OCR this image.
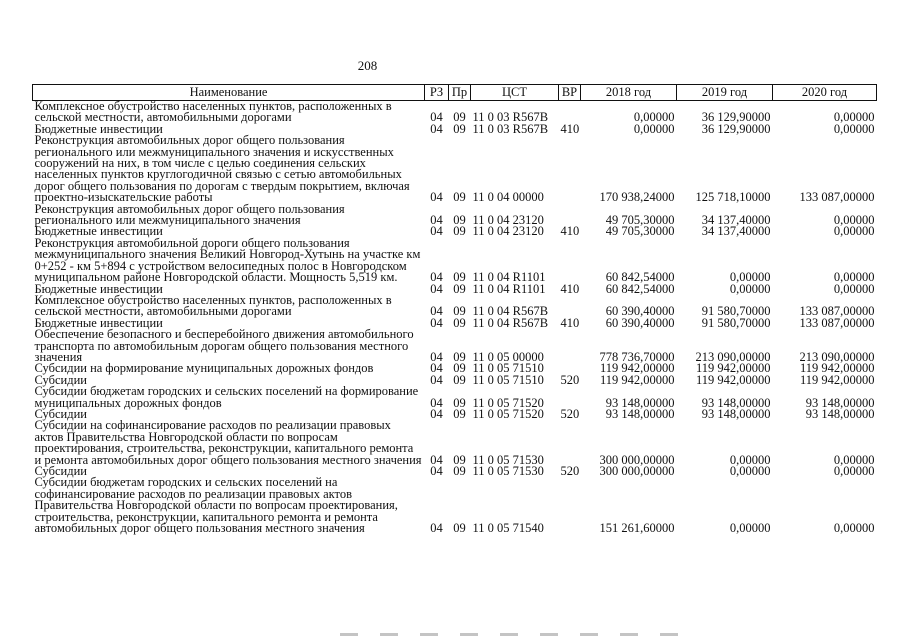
208
Наименование	РЗ	Пр	ЦСТ	ВР	2018 год	2019 год	2020 год
Комплексное обустройство населенных пунктов, расположенных в сельской местности, автомобильными дорогами	04	09	11 0 03 R567B		0,00000	36 129,90000	0,00000
Бюджетные инвестиции	04	09	11 0 03 R567B	410	0,00000	36 129,90000	0,00000
Реконструкция автомобильных дорог общего пользования регионального или межмуниципального значения и искусственных сооружений на них, в том числе с целью соединения сельских населенных пунктов круглогодичной связью с сетью автомобильных дорог общего пользования по дорогам с твердым покрытием, включая проектно-изыскательские работы	04	09	11 0 04 00000		170 938,24000	125 718,10000	133 087,00000
Реконструкция автомобильных дорог общего пользования регионального или межмуниципального значения	04	09	11 0 04 23120		49 705,30000	34 137,40000	0,00000
Бюджетные инвестиции	04	09	11 0 04 23120	410	49 705,30000	34 137,40000	0,00000
Реконструкция автомобильной дороги общего пользования межмуниципального значения Великий Новгород-Хутынь на участке км 0+252 - км 5+894 с устройством велосипедных полос в Новгородском муниципальном районе Новгородской области. Мощность 5,519 км.	04	09	11 0 04 R1101		60 842,54000	0,00000	0,00000
Бюджетные инвестиции	04	09	11 0 04 R1101	410	60 842,54000	0,00000	0,00000
Комплексное обустройство населенных пунктов, расположенных в сельской местности, автомобильными дорогами	04	09	11 0 04 R567B		60 390,40000	91 580,70000	133 087,00000
Бюджетные инвестиции	04	09	11 0 04 R567B	410	60 390,40000	91 580,70000	133 087,00000
Обеспечение безопасного и бесперебойного движения автомобильного транспорта по автомобильным дорогам общего пользования местного значения	04	09	11 0 05 00000		778 736,70000	213 090,00000	213 090,00000
Субсидии на формирование муниципальных дорожных фондов	04	09	11 0 05 71510		119 942,00000	119 942,00000	119 942,00000
Субсидии	04	09	11 0 05 71510	520	119 942,00000	119 942,00000	119 942,00000
Субсидии бюджетам городских и сельских поселений на формирование муниципальных дорожных фондов	04	09	11 0 05 71520		93 148,00000	93 148,00000	93 148,00000
Субсидии	04	09	11 0 05 71520	520	93 148,00000	93 148,00000	93 148,00000
Субсидии на софинансирование расходов по реализации правовых актов Правительства Новгородской области по вопросам проектирования, строительства, реконструкции, капитального ремонта и ремонта автомобильных дорог общего пользования местного значения	04	09	11 0 05 71530		300 000,00000	0,00000	0,00000
Субсидии	04	09	11 0 05 71530	520	300 000,00000	0,00000	0,00000
Субсидии бюджетам городских и сельских поселений на софинансирование расходов по реализации правовых актов Правительства Новгородской области по вопросам проектирования, строительства, реконструкции, капитального ремонта и ремонта автомобильных дорог общего пользования местного значения	04	09	11 0 05 71540		151 261,60000	0,00000	0,00000
